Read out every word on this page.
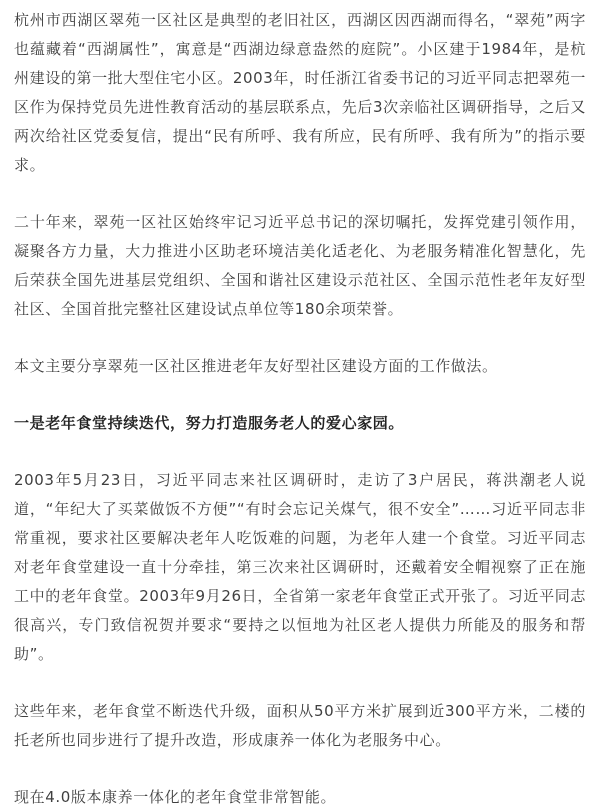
杭州市西湖区翠苑一区社区是典型的老旧社区，西湖区因西湖而得名，“翠苑”两字也蕴藏着“西湖属性”，寓意是“西湖边绿意盎然的庭院”。小区建于1984年，是杭州建设的第一批大型住宅小区。2003年，时任浙江省委书记的习近平同志把翠苑一区作为保持党员先进性教育活动的基层联系点，先后3次亲临社区调研指导，之后又两次给社区党委复信，提出“民有所呼、我有所应，民有所呼、我有所为”的指示要求。

二十年来，翠苑一区社区始终牢记习近平总书记的深切嘱托，发挥党建引领作用，凝聚各方力量，大力推进小区助老环境洁美化适老化、为老服务精准化智慧化，先后荣获全国先进基层党组织、全国和谐社区建设示范社区、全国示范性老年友好型社区、全国首批完整社区建设试点单位等180余项荣誉。

本文主要分享翠苑一区社区推进老年友好型社区建设方面的工作做法。

一是老年食堂持续迭代，努力打造服务老人的爱心家园。

2003年5月23日，习近平同志来社区调研时，走访了3户居民，蒋洪潮老人说道，“年纪大了买菜做饭不方便”“有时会忘记关煤气，很不安全”……习近平同志非常重视，要求社区要解决老年人吃饭难的问题，为老年人建一个食堂。习近平同志对老年食堂建设一直十分牵挂，第三次来社区调研时，还戴着安全帽视察了正在施工中的老年食堂。2003年9月26日，全省第一家老年食堂正式开张了。习近平同志很高兴，专门致信祝贺并要求“要持之以恒地为社区老人提供力所能及的服务和帮助”。

这些年来，老年食堂不断迭代升级，面积从50平方米扩展到近300平方米，二楼的托老所也同步进行了提升改造，形成康养一体化为老服务中心。

现在4.0版本康养一体化的老年食堂非常智能。
